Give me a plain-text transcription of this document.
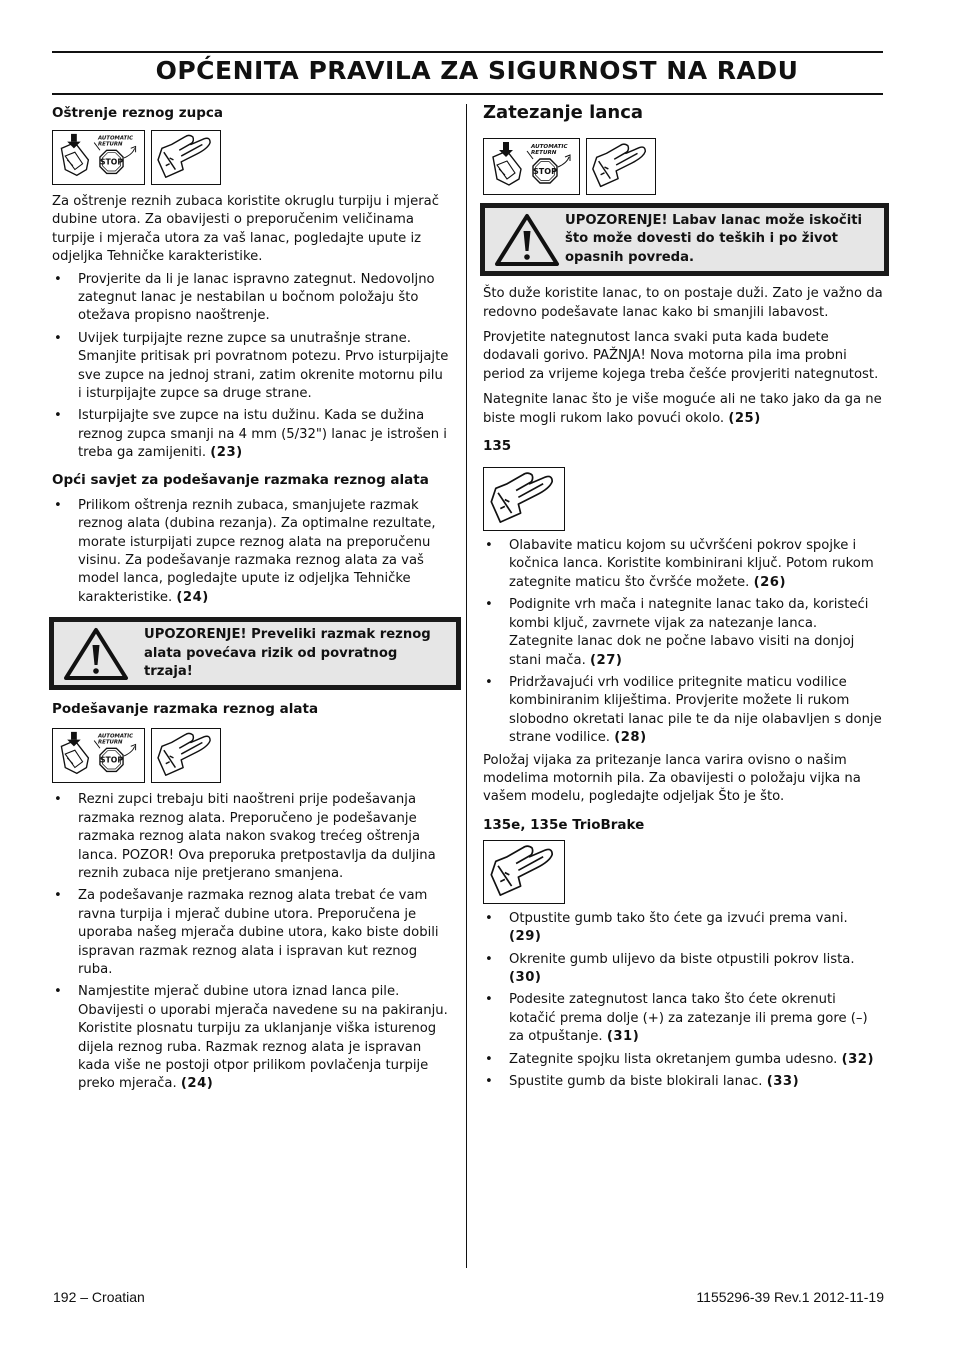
OPĆENITA PRAVILA ZA SIGURNOST NA RADU
Oštrenje reznog zupca

Za oštrenje reznih zubaca koristite okruglu turpiju i mjerač dubine utora. Za obavijesti o preporučenim veličinama turpije i mjerača utora za vaš lanac, pogledajte upute iz odjeljka Tehničke karakteristike.

• Provjerite da li je lanac ispravno zategnut. Nedovoljno zategnut lanac je nestabilan u bočnom položaju što otežava propisno naoštrenje.
• Uvijek turpijajte rezne zupce sa unutrašnje strane. Smanjite pritisak pri povratnom potezu. Prvo isturpijajte sve zupce na jednoj strani, zatim okrenite motornu pilu i isturpijajte zupce sa druge strane.
• Isturpijajte sve zupce na istu dužinu. Kada se dužina reznog zupca smanji na 4 mm (5/32") lanac je istrošen i treba ga zamijeniti. (23)
Opći savjet za podešavanje razmaka reznog alata
• Prilikom oštrenja reznih zubaca, smanjujete razmak reznog alata (dubina rezanja). Za optimalne rezultate, morate isturpijati zupce reznog alata na preporučenu visinu. Za podešavanje razmaka reznog alata za vaš model lanca, pogledajte upute iz odjeljka Tehničke karakteristike. (24)
UPOZORENJE! Preveliki razmak reznog alata povećava rizik od povratnog trzaja!
Podešavanje razmaka reznog alata
• Rezni zupci trebaju biti naoštreni prije podešavanja razmaka reznog alata. Preporučeno je podešavanje razmaka reznog alata nakon svakog trećeg oštrenja lanca. POZOR! Ova preporuka pretpostavlja da duljina reznih zubaca nije pretjerano smanjena.
• Za podešavanje razmaka reznog alata trebat će vam ravna turpija i mjerač dubine utora. Preporučena je uporaba našeg mjerača dubine utora, kako biste dobili ispravan razmak reznog alata i ispravan kut reznog ruba.
• Namjestite mjerač dubine utora iznad lanca pile. Obavijesti o uporabi mjerača navedene su na pakiranju. Koristite plosnatu turpiju za uklanjanje viška isturenog dijela reznog ruba. Razmak reznog alata je ispravan kada više ne postoji otpor prilikom povlačenja turpije preko mjerača. (24)
Zatezanje lanca
UPOZORENJE! Labav lanac može iskočiti što može dovesti do teških i po život opasnih povreda.

Što duže koristite lanac, to on postaje duži. Zato je važno da redovno podešavate lanac kako bi smanjili labavost.

Provjetite nategnutost lanca svaki puta kada budete dodavali gorivo. PAŽNJA! Nova motorna pila ima probni period za vrijeme kojega treba češće provjeriti nategnutost.

Nategnite lanac što je više moguće ali ne tako jako da ga ne biste mogli rukom lako povući okolo. (25)

135
• Olabavite maticu kojom su učvršćeni pokrov spojke i kočnica lanca. Koristite kombinirani ključ. Potom rukom zategnite maticu što čvršće možete. (26)
• Podignite vrh mača i nategnite lanac tako da, koristeći kombi ključ, zavrnete vijak za natezanje lanca. Zategnite lanac dok ne počne labavo visiti na donjoj stani mača. (27)
• Pridržavajući vrh vodilice pritegnite maticu vodilice kombiniranim kliještima. Provjerite možete li rukom slobodno okretati lanac pile te da nije olabavljen s donje strane vodilice. (28)

Položaj vijaka za pritezanje lanca varira ovisno o našim modelima motornih pila. Za obavijesti o položaju vijka na vašem modelu, pogledajte odjeljak Što je što.

135e, 135e TrioBrake
• Otpustite gumb tako što ćete ga izvući prema vani. (29)
• Okrenite gumb ulijevo da biste otpustili pokrov lista. (30)
• Podesite zategnutost lanca tako što ćete okrenuti kotačić prema dolje (+) za zatezanje ili prema gore (–) za otpuštanje. (31)
• Zategnite spojku lista okretanjem gumba udesno. (32)
• Spustite gumb da biste blokirali lanac. (33)
192 – Croatian	1155296-39 Rev.1 2012-11-19
